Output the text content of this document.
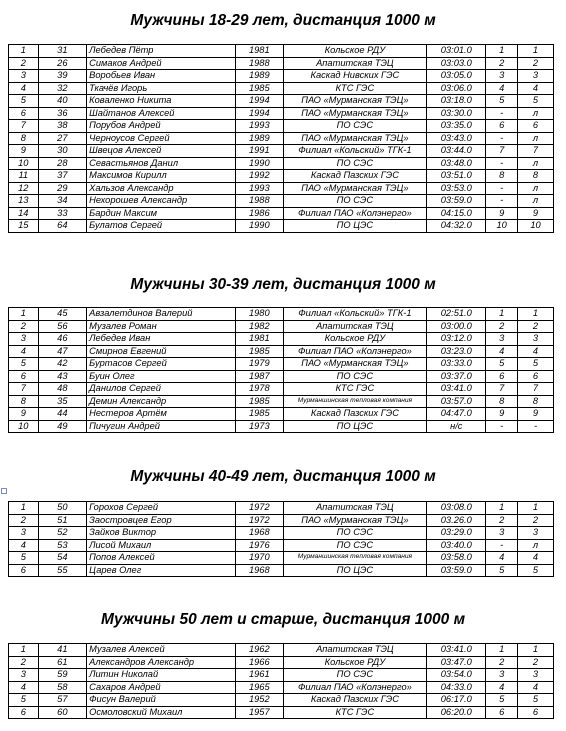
Мужчины 18-29 лет, дистанция 1000 м
1	31	Лебедев Пётр	1981	Кольское РДУ	03:01.0	1	1
2	26	Симаков Андрей	1988	Апатитская ТЭЦ	03:03.0	2	2
3	39	Воробьев Иван	1989	Каскад Нивских ГЭС	03:05.0	3	3
4	32	Ткачёв Игорь	1985	КТС ГЭС	03:06.0	4	4
5	40	Коваленко Никита	1994	ПАО «Мурманская ТЭЦ»	03:18.0	5	5
6	36	Шайтанов Алексей	1994	ПАО «Мурманская ТЭЦ»	03:30.0	-	л
7	38	Порубов Андрей	1993	ПО СЭС	03:35.0	6	6
8	27	Черноусов Сергей	1989	ПАО «Мурманская ТЭЦ»	03:43.0	-	л
9	30	Швецов Алексей	1991	Филиал «Кольский» ТГК-1	03:44.0	7	7
10	28	Севастьянов Данил	1990	ПО СЭС	03:48.0	-	л
11	37	Максимов Кирилл	1992	Каскад Пазских ГЭС	03:51.0	8	8
12	29	Хальзов Александр	1993	ПАО «Мурманская ТЭЦ»	03:53.0	-	л
13	34	Нехорошев Александр	1988	ПО СЭС	03:59.0	-	л
14	33	Бардин Максим	1986	Филиал ПАО «Колэнерго»	04:15.0	9	9
15	64	Булатов Сергей	1990	ПО ЦЭС	04:32.0	10	10
Мужчины 30-39 лет, дистанция 1000 м
1	45	Авзалетдинов Валерий	1980	Филиал «Кольский» ТГК-1	02:51.0	1	1
2	56	Музалев Роман	1982	Апатитская ТЭЦ	03:00.0	2	2
3	46	Лебедев Иван	1981	Кольское РДУ	03:12.0	3	3
4	47	Смирнов Евгений	1985	Филиал ПАО «Колэнерго»	03:23.0	4	4
5	42	Буртасов Сергей	1979	ПАО «Мурманская ТЭЦ»	03:33.0	5	5
6	43	Буин Олег	1987	ПО СЭС	03:37.0	6	6
7	48	Данилов Сергей	1978	КТС ГЭС	03:41.0	7	7
8	35	Демин Александр	1985	Мурманшинская тепловая компания	03:57.0	8	8
9	44	Нестеров Артём	1985	Каскад Пазских ГЭС	04:47.0	9	9
10	49	Пичугин Андрей	1973	ПО ЦЭС	н/с	-	-
Мужчины 40-49 лет, дистанция 1000 м
1	50	Горохов Сергей	1972	Апатитская ТЭЦ	03:08.0	1	1
2	51	Заостровцев Егор	1972	ПАО «Мурманская ТЭЦ»	03.26.0	2	2
3	52	Зайков Виктор	1968	ПО СЭС	03:29.0	3	3
4	53	Лисой Михаил	1976	ПО СЭС	03:40.0	-	л
5	54	Попов Алексей	1970	Мурманшинская тепловая компания	03:58.0	4	4
6	55	Царев Олег	1968	ПО ЦЭС	03:59.0	5	5
Мужчины 50 лет и старше, дистанция 1000 м
1	41	Музалев Алексей	1962	Апатитская ТЭЦ	03:41.0	1	1
2	61	Александров Александр	1966	Кольское РДУ	03:47.0	2	2
3	59	Литин Николай	1961	ПО СЭС	03:54.0	3	3
4	58	Сахаров Андрей	1965	Филиал ПАО «Колэнерго»	04:33.0	4	4
5	57	Фисун Валерий	1952	Каскад Пазских ГЭС	06:17.0	5	5
6	60	Осмоловский Михаил	1957	КТС ГЭС	06:20.0	6	6
